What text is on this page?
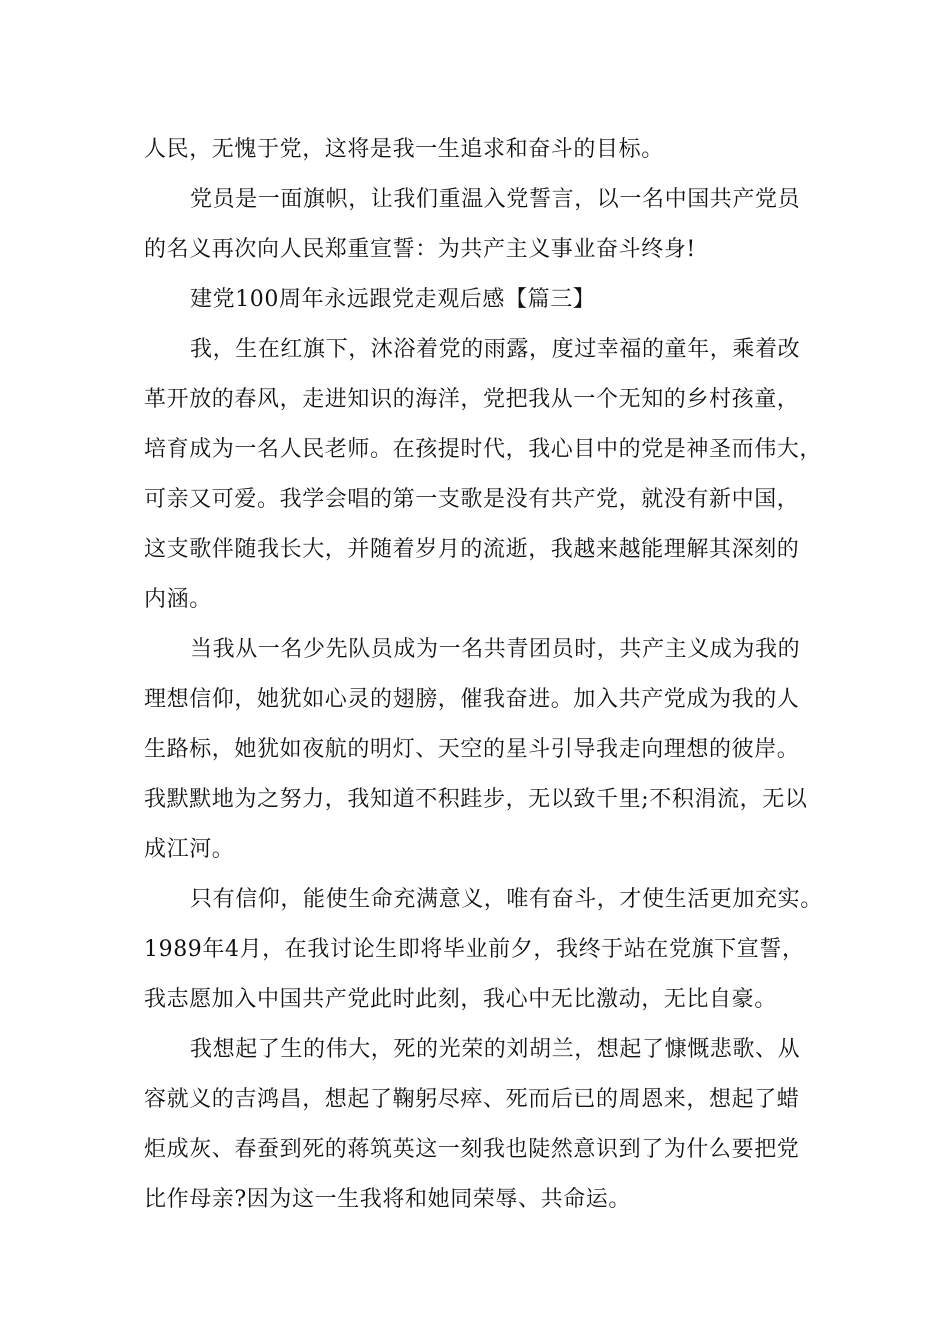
人民，无愧于党，这将是我一生追求和奋斗的目标。
党员是一面旗帜，让我们重温入党誓言，以一名中国共产党员
的名义再次向人民郑重宣誓：为共产主义事业奋斗终身!
建党100周年永远跟党走观后感【篇三】
我，生在红旗下，沐浴着党的雨露，度过幸福的童年，乘着改
革开放的春风，走进知识的海洋，党把我从一个无知的乡村孩童，
培育成为一名人民老师。在孩提时代，我心目中的党是神圣而伟大，
可亲又可爱。我学会唱的第一支歌是没有共产党，就没有新中国，
这支歌伴随我长大，并随着岁月的流逝，我越来越能理解其深刻的
内涵。
当我从一名少先队员成为一名共青团员时，共产主义成为我的
理想信仰，她犹如心灵的翅膀，催我奋进。加入共产党成为我的人
生路标，她犹如夜航的明灯、天空的星斗引导我走向理想的彼岸。
我默默地为之努力，我知道不积跬步，无以致千里;不积涓流，无以
成江河。
只有信仰，能使生命充满意义，唯有奋斗，才使生活更加充实。
1989年4月，在我讨论生即将毕业前夕，我终于站在党旗下宣誓，
我志愿加入中国共产党此时此刻，我心中无比激动，无比自豪。
我想起了生的伟大，死的光荣的刘胡兰，想起了慷慨悲歌、从
容就义的吉鸿昌，想起了鞠躬尽瘁、死而后已的周恩来，想起了蜡
炬成灰、春蚕到死的蒋筑英这一刻我也陡然意识到了为什么要把党
比作母亲?因为这一生我将和她同荣辱、共命运。
